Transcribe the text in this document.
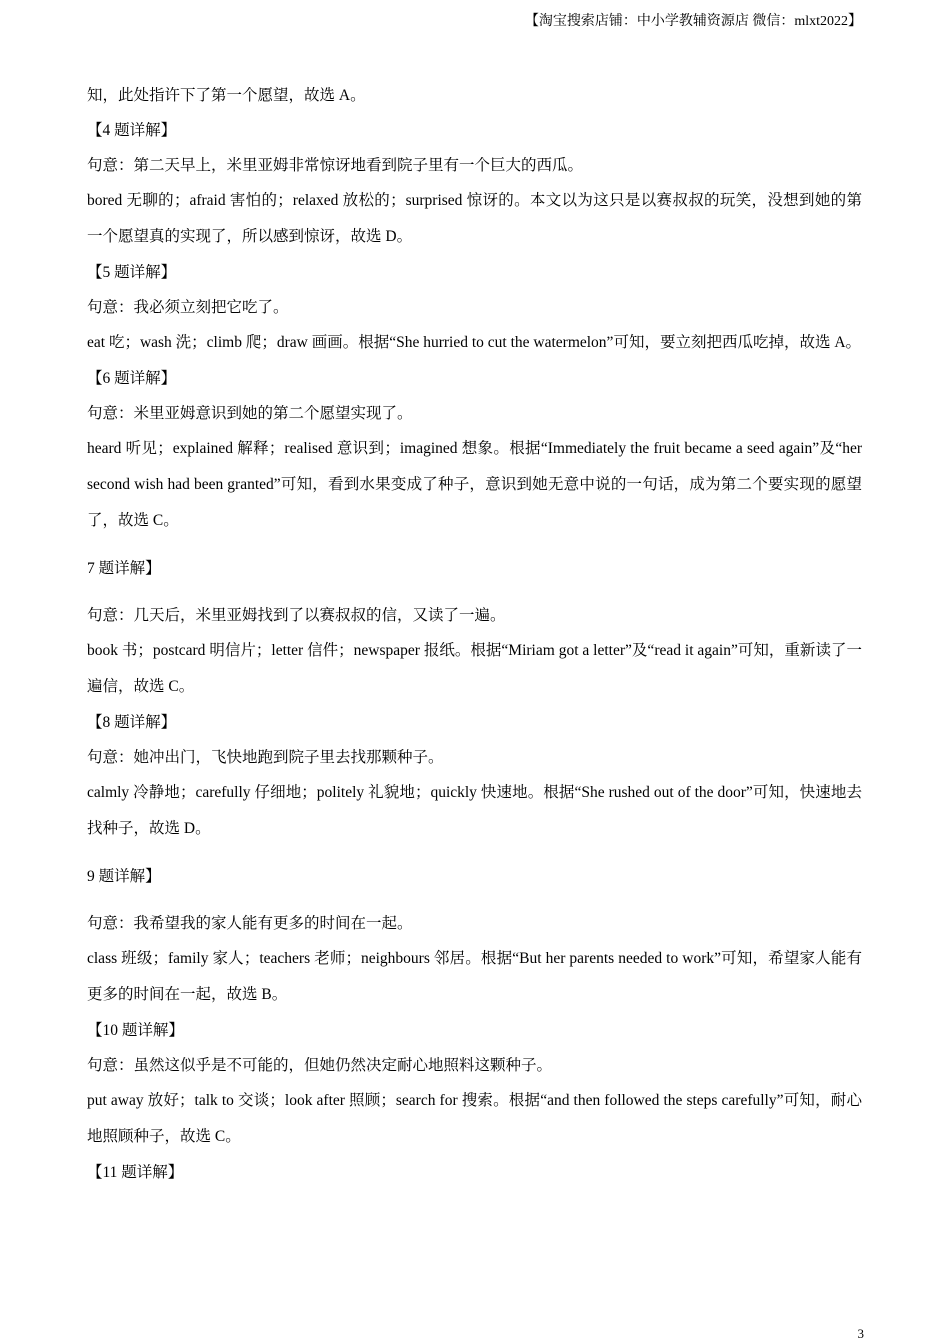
【淘宝搜索店铺：中小学教辅资源店 微信：mlxt2022】

知，此处指许下了第一个愿望，故选 A。

【4 题详解】

句意：第二天早上，米里亚姆非常惊讶地看到院子里有一个巨大的西瓜。

bored 无聊的；afraid 害怕的；relaxed 放松的；surprised 惊讶的。本文以为这只是以赛叔叔的玩笑，没想到她的第一个愿望真的实现了，所以感到惊讶，故选 D。

【5 题详解】

句意：我必须立刻把它吃了。

eat 吃；wash 洗；climb 爬；draw 画画。根据“She hurried to cut the watermelon”可知，要立刻把西瓜吃掉，故选 A。

【6 题详解】

句意：米里亚姆意识到她的第二个愿望实现了。

heard 听见；explained 解释；realised 意识到；imagined 想象。根据“Immediately the fruit became a seed again”及“her second wish had been granted”可知，看到水果变成了种子，意识到她无意中说的一句话，成为第二个要实现的愿望了，故选 C。

7 题详解】

句意：几天后，米里亚姆找到了以赛叔叔的信，又读了一遍。

book 书；postcard 明信片；letter 信件；newspaper 报纸。根据“Miriam got a letter”及“read it again”可知，重新读了一遍信，故选 C。

【8 题详解】

句意：她冲出门，飞快地跑到院子里去找那颗种子。

calmly 冷静地；carefully 仔细地；politely 礼貌地；quickly 快速地。根据“She rushed out of the door”可知，快速地去找种子，故选 D。

9 题详解】

句意：我希望我的家人能有更多的时间在一起。

class 班级；family 家人；teachers 老师；neighbours 邻居。根据“But her parents needed to work”可知，希望家人能有更多的时间在一起，故选 B。

【10 题详解】

句意：虽然这似乎是不可能的，但她仍然决定耐心地照料这颗种子。

put away 放好；talk to 交谈；look after 照顾；search for 搜索。根据“and then followed the steps carefully”可知，耐心地照顾种子，故选 C。

【11 题详解】

3
